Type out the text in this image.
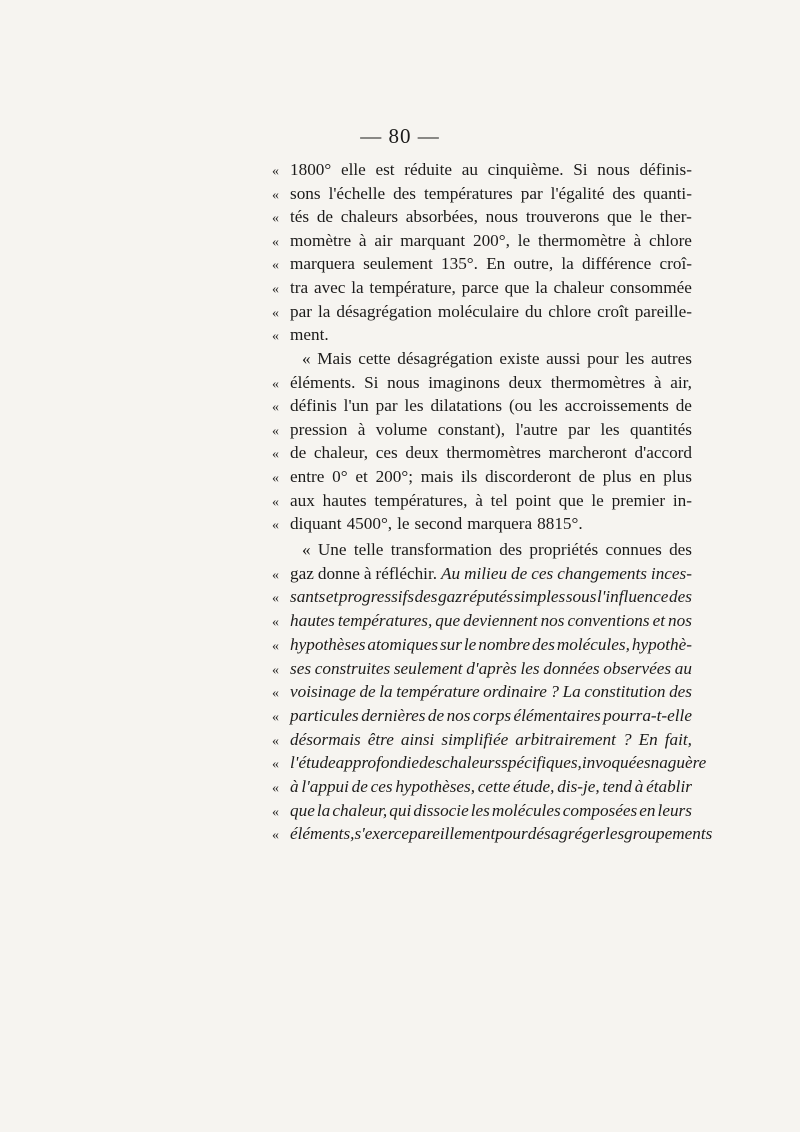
— 80 —
« 1800° elle est réduite au cinquième. Si nous définis-
« sons l'échelle des températures par l'égalité des quanti-
« tés de chaleurs absorbées, nous trouverons que le ther-
« momètre à air marquant 200°, le thermomètre à chlore
« marquera seulement 135°. En outre, la différence croî-
« tra avec la température, parce que la chaleur consommée
« par la désagrégation moléculaire du chlore croît pareille-
« ment.
« Mais cette désagrégation existe aussi pour les autres
« éléments. Si nous imaginons deux thermomètres à air,
« définis l'un par les dilatations (ou les accroissements de
« pression à volume constant), l'autre par les quantités
« de chaleur, ces deux thermomètres marcheront d'accord
« entre 0° et 200°; mais ils discorderont de plus en plus
« aux hautes températures, à tel point que le premier in-
« diquant 4500°, le second marquera 8815°.
« Une telle transformation des propriétés connues des
« gaz donne à réfléchir. Au milieu de ces changements inces-
« sants et progressifs des gaz réputés simples sous l'influence des
« hautes températures, que deviennent nos conventions et nos
« hypothèses atomiques sur le nombre des molécules, hypothè-
« ses construites seulement d'après les données observées au
« voisinage de la température ordinaire ? La constitution des
« particules dernières de nos corps élémentaires pourra-t-elle
« désormais être ainsi simplifiée arbitrairement ? En fait,
« l'étude approfondie des chaleurs spécifiques, invoquées naguère
« à l'appui de ces hypothèses, cette étude, dis-je, tend à établir
« que la chaleur, qui dissocie les molécules composées en leurs
« éléments, s'exerce pareillement pour désagréger les groupements
